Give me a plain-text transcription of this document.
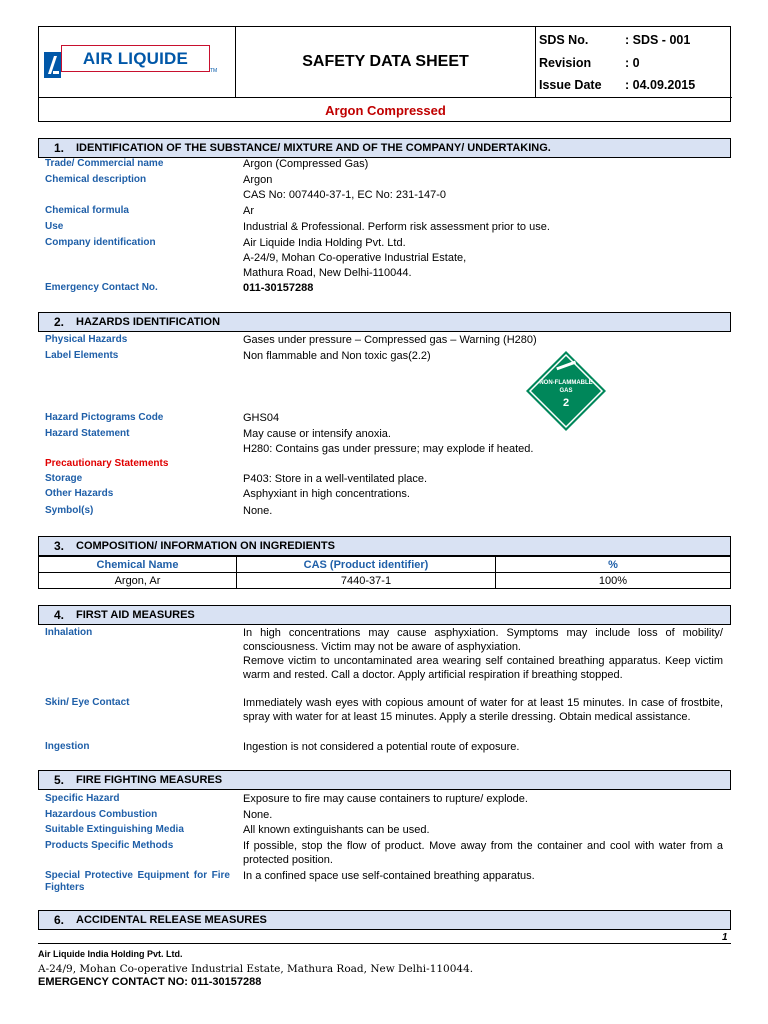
AIR LIQUIDE
TM
SAFETY DATA SHEET
SDS No.	: SDS - 001
Revision	: 0
Issue Date	: 04.09.2015
Argon Compressed
1.	IDENTIFICATION OF THE SUBSTANCE/ MIXTURE AND OF THE COMPANY/ UNDERTAKING.
Trade/ Commercial name	Argon (Compressed Gas)
Chemical description	Argon
CAS No: 007440-37-1, EC No: 231-147-0
Chemical formula	Ar
Use	Industrial & Professional. Perform risk assessment prior to use.
Company identification	Air Liquide India Holding Pvt. Ltd.
A-24/9, Mohan Co-operative Industrial Estate,
Mathura Road, New Delhi-110044.
Emergency Contact No.	011-30157288
2.	HAZARDS IDENTIFICATION
Physical Hazards	Gases under pressure – Compressed gas – Warning (H280)
Label Elements	Non flammable and Non toxic gas(2.2)
NON-FLAMMABLE
GAS
2
Hazard Pictograms Code	GHS04
Hazard Statement	May cause or intensify anoxia.
H280: Contains gas under pressure; may explode if heated.
Precautionary Statements
Storage	P403: Store in a well-ventilated place.
Other Hazards	Asphyxiant in high concentrations.
Symbol(s)	None.
3.	COMPOSITION/ INFORMATION ON INGREDIENTS
Chemical Name	CAS (Product identifier)	%
Argon, Ar	7440-37-1	100%
4.	FIRST AID MEASURES
Inhalation	In high concentrations may cause asphyxiation. Symptoms may include loss of mobility/ consciousness. Victim may not be aware of asphyxiation.
Remove victim to uncontaminated area wearing self contained breathing apparatus. Keep victim warm and rested. Call a doctor. Apply artificial respiration if breathing stopped.
Skin/ Eye Contact	Immediately wash eyes with copious amount of water for at least 15 minutes. In case of frostbite, spray with water for at least 15 minutes. Apply a sterile dressing. Obtain medical assistance.
Ingestion	Ingestion is not considered a potential route of exposure.
5.	FIRE FIGHTING MEASURES
Specific Hazard	Exposure to fire may cause containers to rupture/ explode.
Hazardous Combustion	None.
Suitable Extinguishing Media	All known extinguishants can be used.
Products Specific Methods	If possible, stop the flow of product. Move away from the container and cool with water from a protected position.
Special Protective Equipment for Fire Fighters
In a confined space use self-contained breathing apparatus.
6.	ACCIDENTAL RELEASE MEASURES
1
Air Liquide India Holding Pvt. Ltd.
A-24/9, Mohan Co-operative Industrial Estate, Mathura Road, New Delhi-110044.
EMERGENCY CONTACT NO: 011-30157288
